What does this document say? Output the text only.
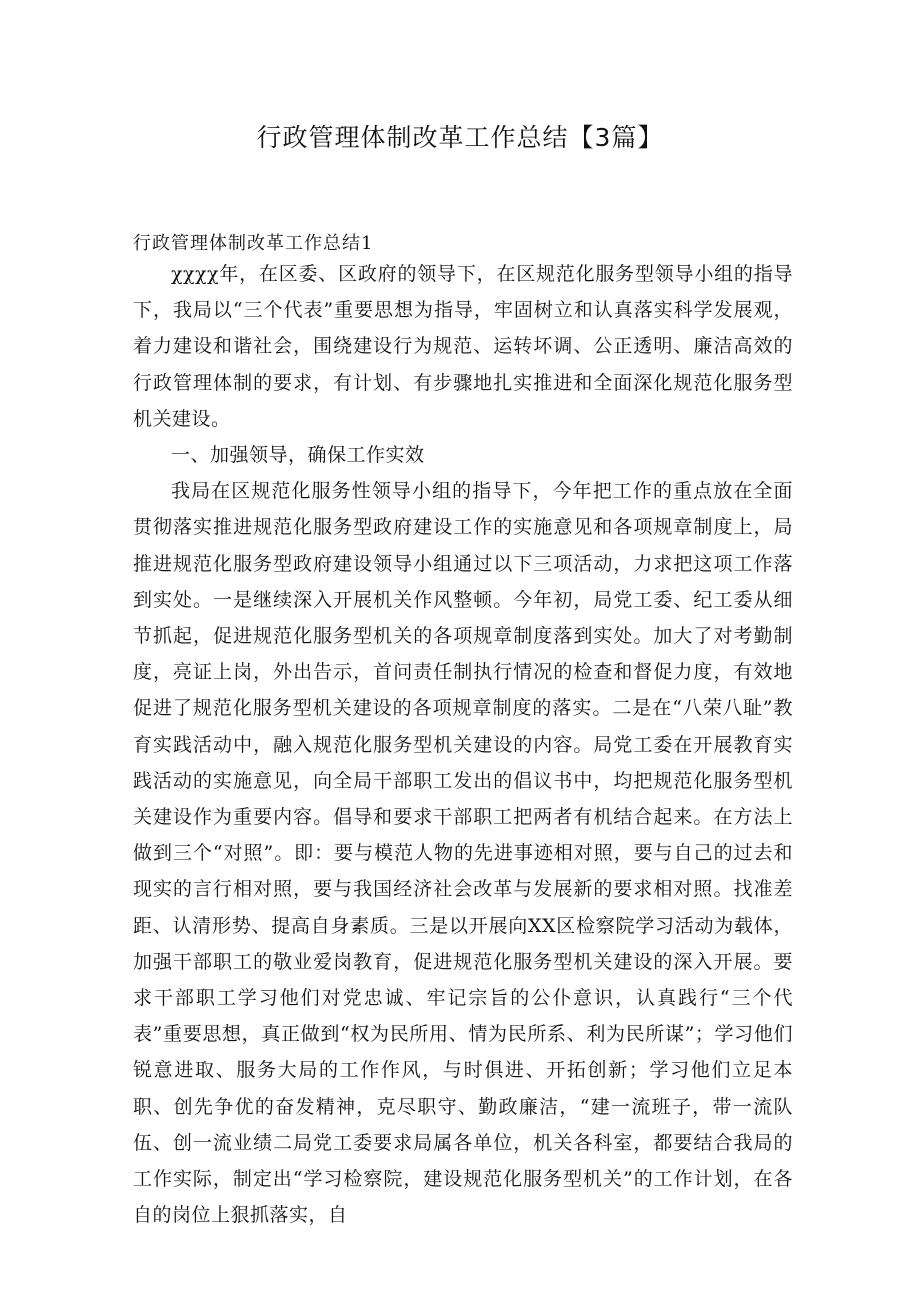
行政管理体制改革工作总结【3篇】
行政管理体制改革工作总结1

χχχχ年，在区委、区政府的领导下，在区规范化服务型领导小组的指导下，我局以“三个代表”重要思想为指导，牢固树立和认真落实科学发展观，着力建设和谐社会，围绕建设行为规范、运转坏调、公正透明、廉洁高效的行政管理体制的要求，有计划、有步骤地扎实推进和全面深化规范化服务型机关建设。

一、加强领导，确保工作实效

我局在区规范化服务性领导小组的指导下，今年把工作的重点放在全面贯彻落实推进规范化服务型政府建设工作的实施意见和各项规章制度上，局推进规范化服务型政府建设领导小组通过以下三项活动，力求把这项工作落到实处。一是继续深入开展机关作风整顿。今年初，局党工委、纪工委从细节抓起，促进规范化服务型机关的各项规章制度落到实处。加大了对考勤制度，亮证上岗，外出告示，首问责任制执行情况的检查和督促力度，有效地促进了规范化服务型机关建设的各项规章制度的落实。二是在“八荣八耻”教育实践活动中，融入规范化服务型机关建设的内容。局党工委在开展教育实践活动的实施意见，向全局干部职工发出的倡议书中，均把规范化服务型机关建设作为重要内容。倡导和要求干部职工把两者有机结合起来。在方法上做到三个“对照”。即：要与模范人物的先进事迹相对照，要与自己的过去和现实的言行相对照，要与我国经济社会改革与发展新的要求相对照。找准差距、认清形势、提高自身素质。三是以开展向XX区检察院学习活动为载体，加强干部职工的敬业爱岗教育，促进规范化服务型机关建设的深入开展。要求干部职工学习他们对党忠诚、牢记宗旨的公仆意识，认真践行“三个代表”重要思想，真正做到“权为民所用、情为民所系、利为民所谋”；学习他们锐意进取、服务大局的工作作风，与时俱进、开拓创新；学习他们立足本职、创先争优的奋发精神，克尽职守、勤政廉洁，“建一流班子，带一流队伍、创一流业绩二局党工委要求局属各单位，机关各科室，都要结合我局的工作实际，制定出“学习检察院，建设规范化服务型机关”的工作计划，在各自的岗位上狠抓落实，自
